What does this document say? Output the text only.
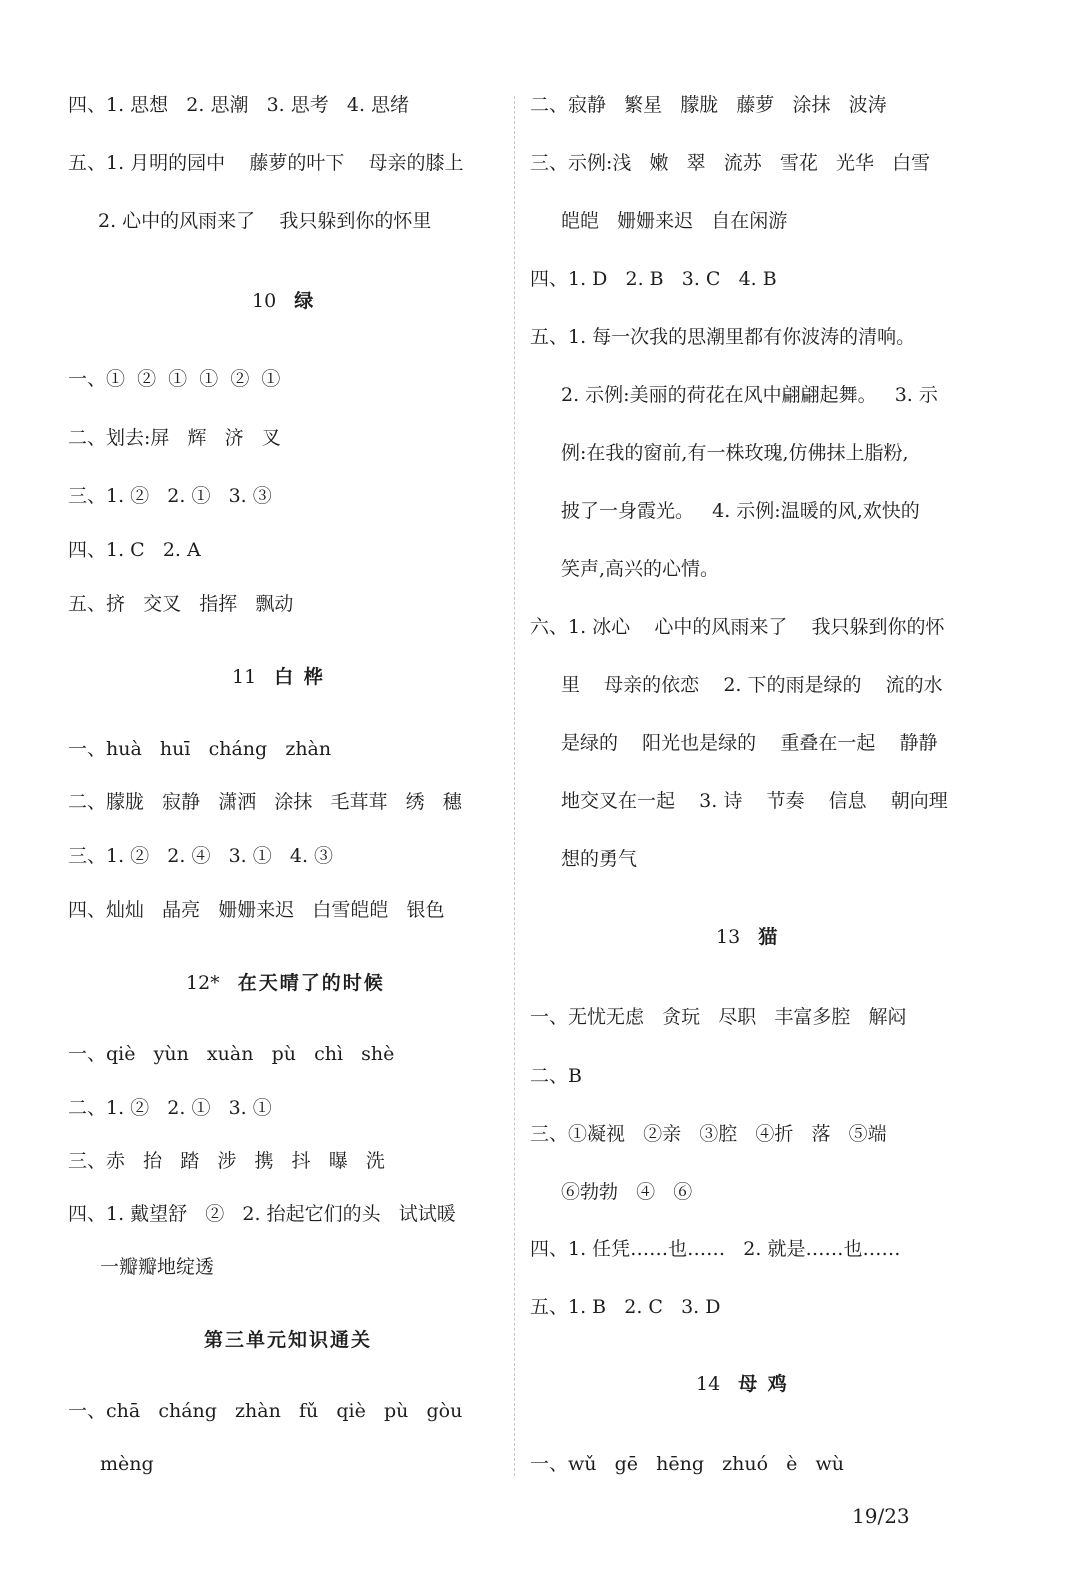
四、1. 思想   2. 思潮   3. 思考   4. 思绪
五、1. 月明的园中    藤萝的叶下    母亲的膝上
2. 心中的风雨来了    我只躲到你的怀里
10 绿
一、①  ②  ①  ①  ②  ①
二、划去:屏   辉   济   叉
三、1. ②   2. ①   3. ③
四、1. C   2. A
五、挤   交叉   指挥   飘动
11 白 桦
一、huà   huī   cháng   zhàn
二、朦胧   寂静   潇洒   涂抹   毛茸茸   绣   穗
三、1. ②   2. ④   3. ①   4. ③
四、灿灿   晶亮   姗姗来迟   白雪皑皑   银色
12* 在天晴了的时候
一、qiè   yùn   xuàn   pù   chì   shè
二、1. ②   2. ①   3. ①
三、赤   抬   踏   涉   携   抖   曝   洗
四、1. 戴望舒   ②   2. 抬起它们的头   试试暖
一瓣瓣地绽透
第三单元知识通关
一、chā   cháng   zhàn   fǔ   qiè   pù   gòu
mèng
二、寂静   繁星   朦胧   藤萝   涂抹   波涛
三、示例:浅   嫩   翠   流苏   雪花   光华   白雪
皑皑   姗姗来迟   自在闲游
四、1. D   2. B   3. C   4. B
五、1. 每一次我的思潮里都有你波涛的清响。
2. 示例:美丽的荷花在风中翩翩起舞。   3. 示
例:在我的窗前,有一株玫瑰,仿佛抹上脂粉,
披了一身霞光。   4. 示例:温暖的风,欢快的
笑声,高兴的心情。
六、1. 冰心    心中的风雨来了    我只躲到你的怀
里    母亲的依恋    2. 下的雨是绿的    流的水
是绿的    阳光也是绿的    重叠在一起    静静
地交叉在一起    3. 诗    节奏    信息    朝向理
想的勇气
13 猫
一、无忧无虑   贪玩   尽职   丰富多腔   解闷
二、B
三、①凝视   ②亲   ③腔   ④折   落   ⑤端
⑥勃勃   ④   ⑥
四、1. 任凭……也……   2. 就是……也……
五、1. B   2. C   3. D
14 母 鸡
一、wǔ   gē   hēng   zhuó   è   wù
19/23
